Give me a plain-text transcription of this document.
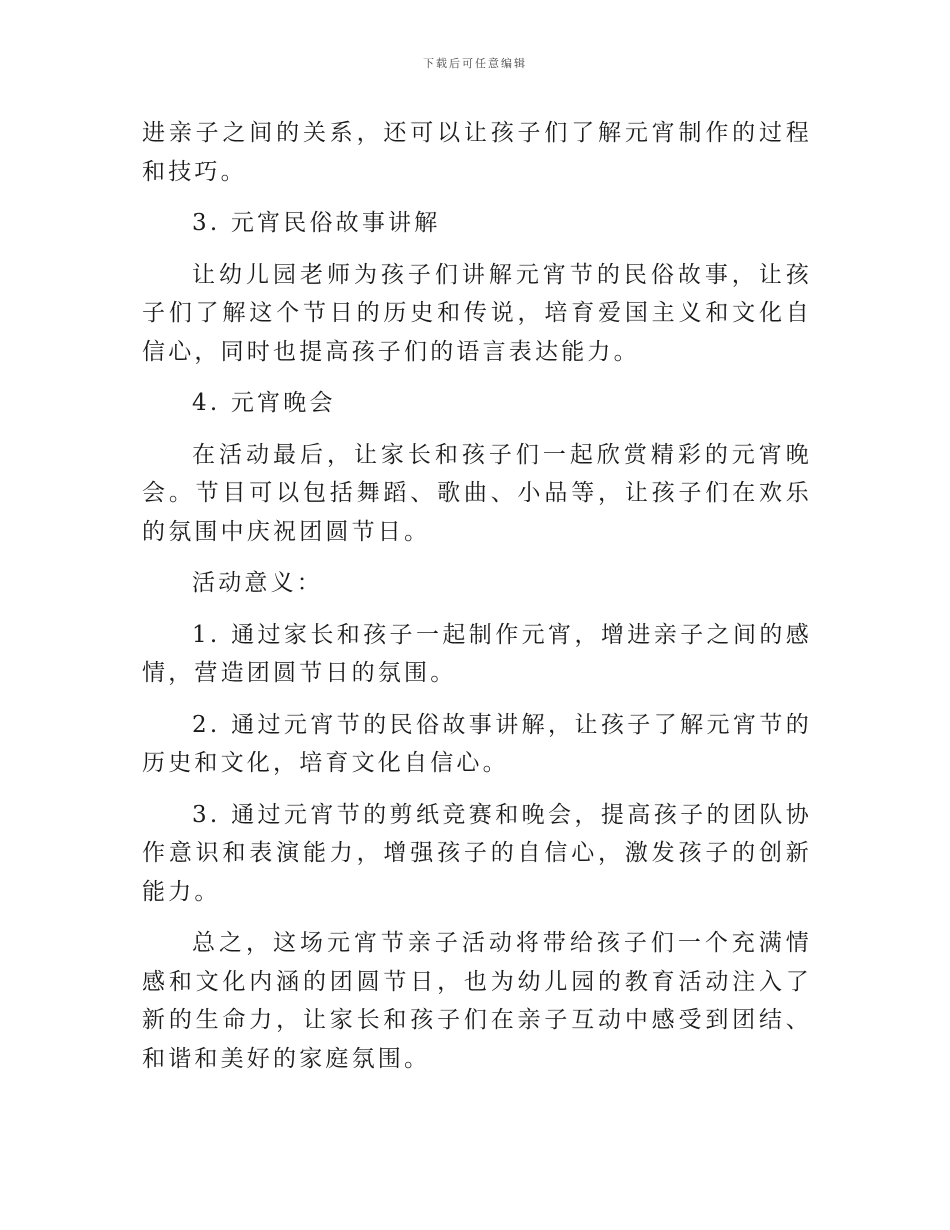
下载后可任意编辑

进亲子之间的关系，还可以让孩子们了解元宵制作的过程和技巧。

3. 元宵民俗故事讲解

让幼儿园老师为孩子们讲解元宵节的民俗故事，让孩子们了解这个节日的历史和传说，培育爱国主义和文化自信心，同时也提高孩子们的语言表达能力。

4. 元宵晚会

在活动最后，让家长和孩子们一起欣赏精彩的元宵晚会。节目可以包括舞蹈、歌曲、小品等，让孩子们在欢乐的氛围中庆祝团圆节日。

活动意义：

1. 通过家长和孩子一起制作元宵，增进亲子之间的感情，营造团圆节日的氛围。

2. 通过元宵节的民俗故事讲解，让孩子了解元宵节的历史和文化，培育文化自信心。

3. 通过元宵节的剪纸竞赛和晚会，提高孩子的团队协作意识和表演能力，增强孩子的自信心，激发孩子的创新能力。

总之，这场元宵节亲子活动将带给孩子们一个充满情感和文化内涵的团圆节日，也为幼儿园的教育活动注入了新的生命力，让家长和孩子们在亲子互动中感受到团结、和谐和美好的家庭氛围。
